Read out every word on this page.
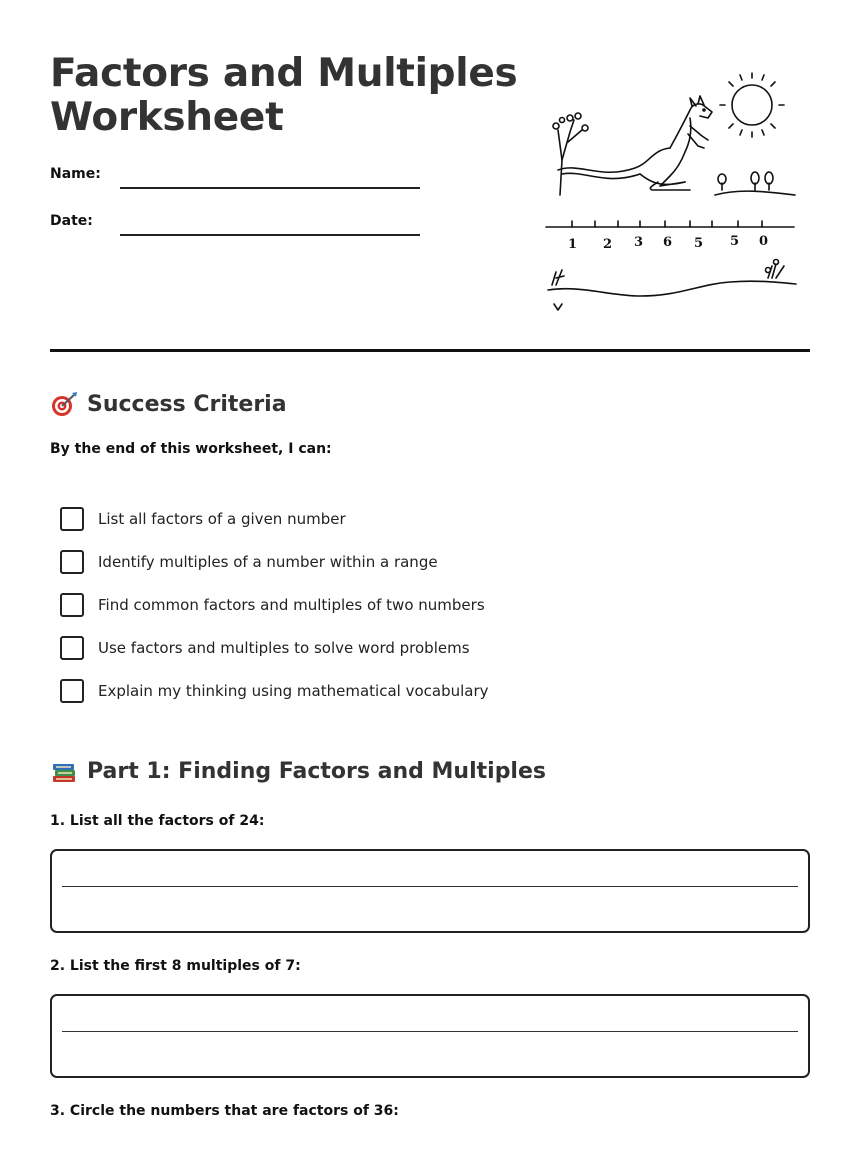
Factors and Multiples Worksheet
Name:
Date:
1 2 3 6 5 5 0
Success Criteria
By the end of this worksheet, I can:
List all factors of a given number
Identify multiples of a number within a range
Find common factors and multiples of two numbers
Use factors and multiples to solve word problems
Explain my thinking using mathematical vocabulary
Part 1: Finding Factors and Multiples
1. List all the factors of 24:
2. List the first 8 multiples of 7:
3. Circle the numbers that are factors of 36:
